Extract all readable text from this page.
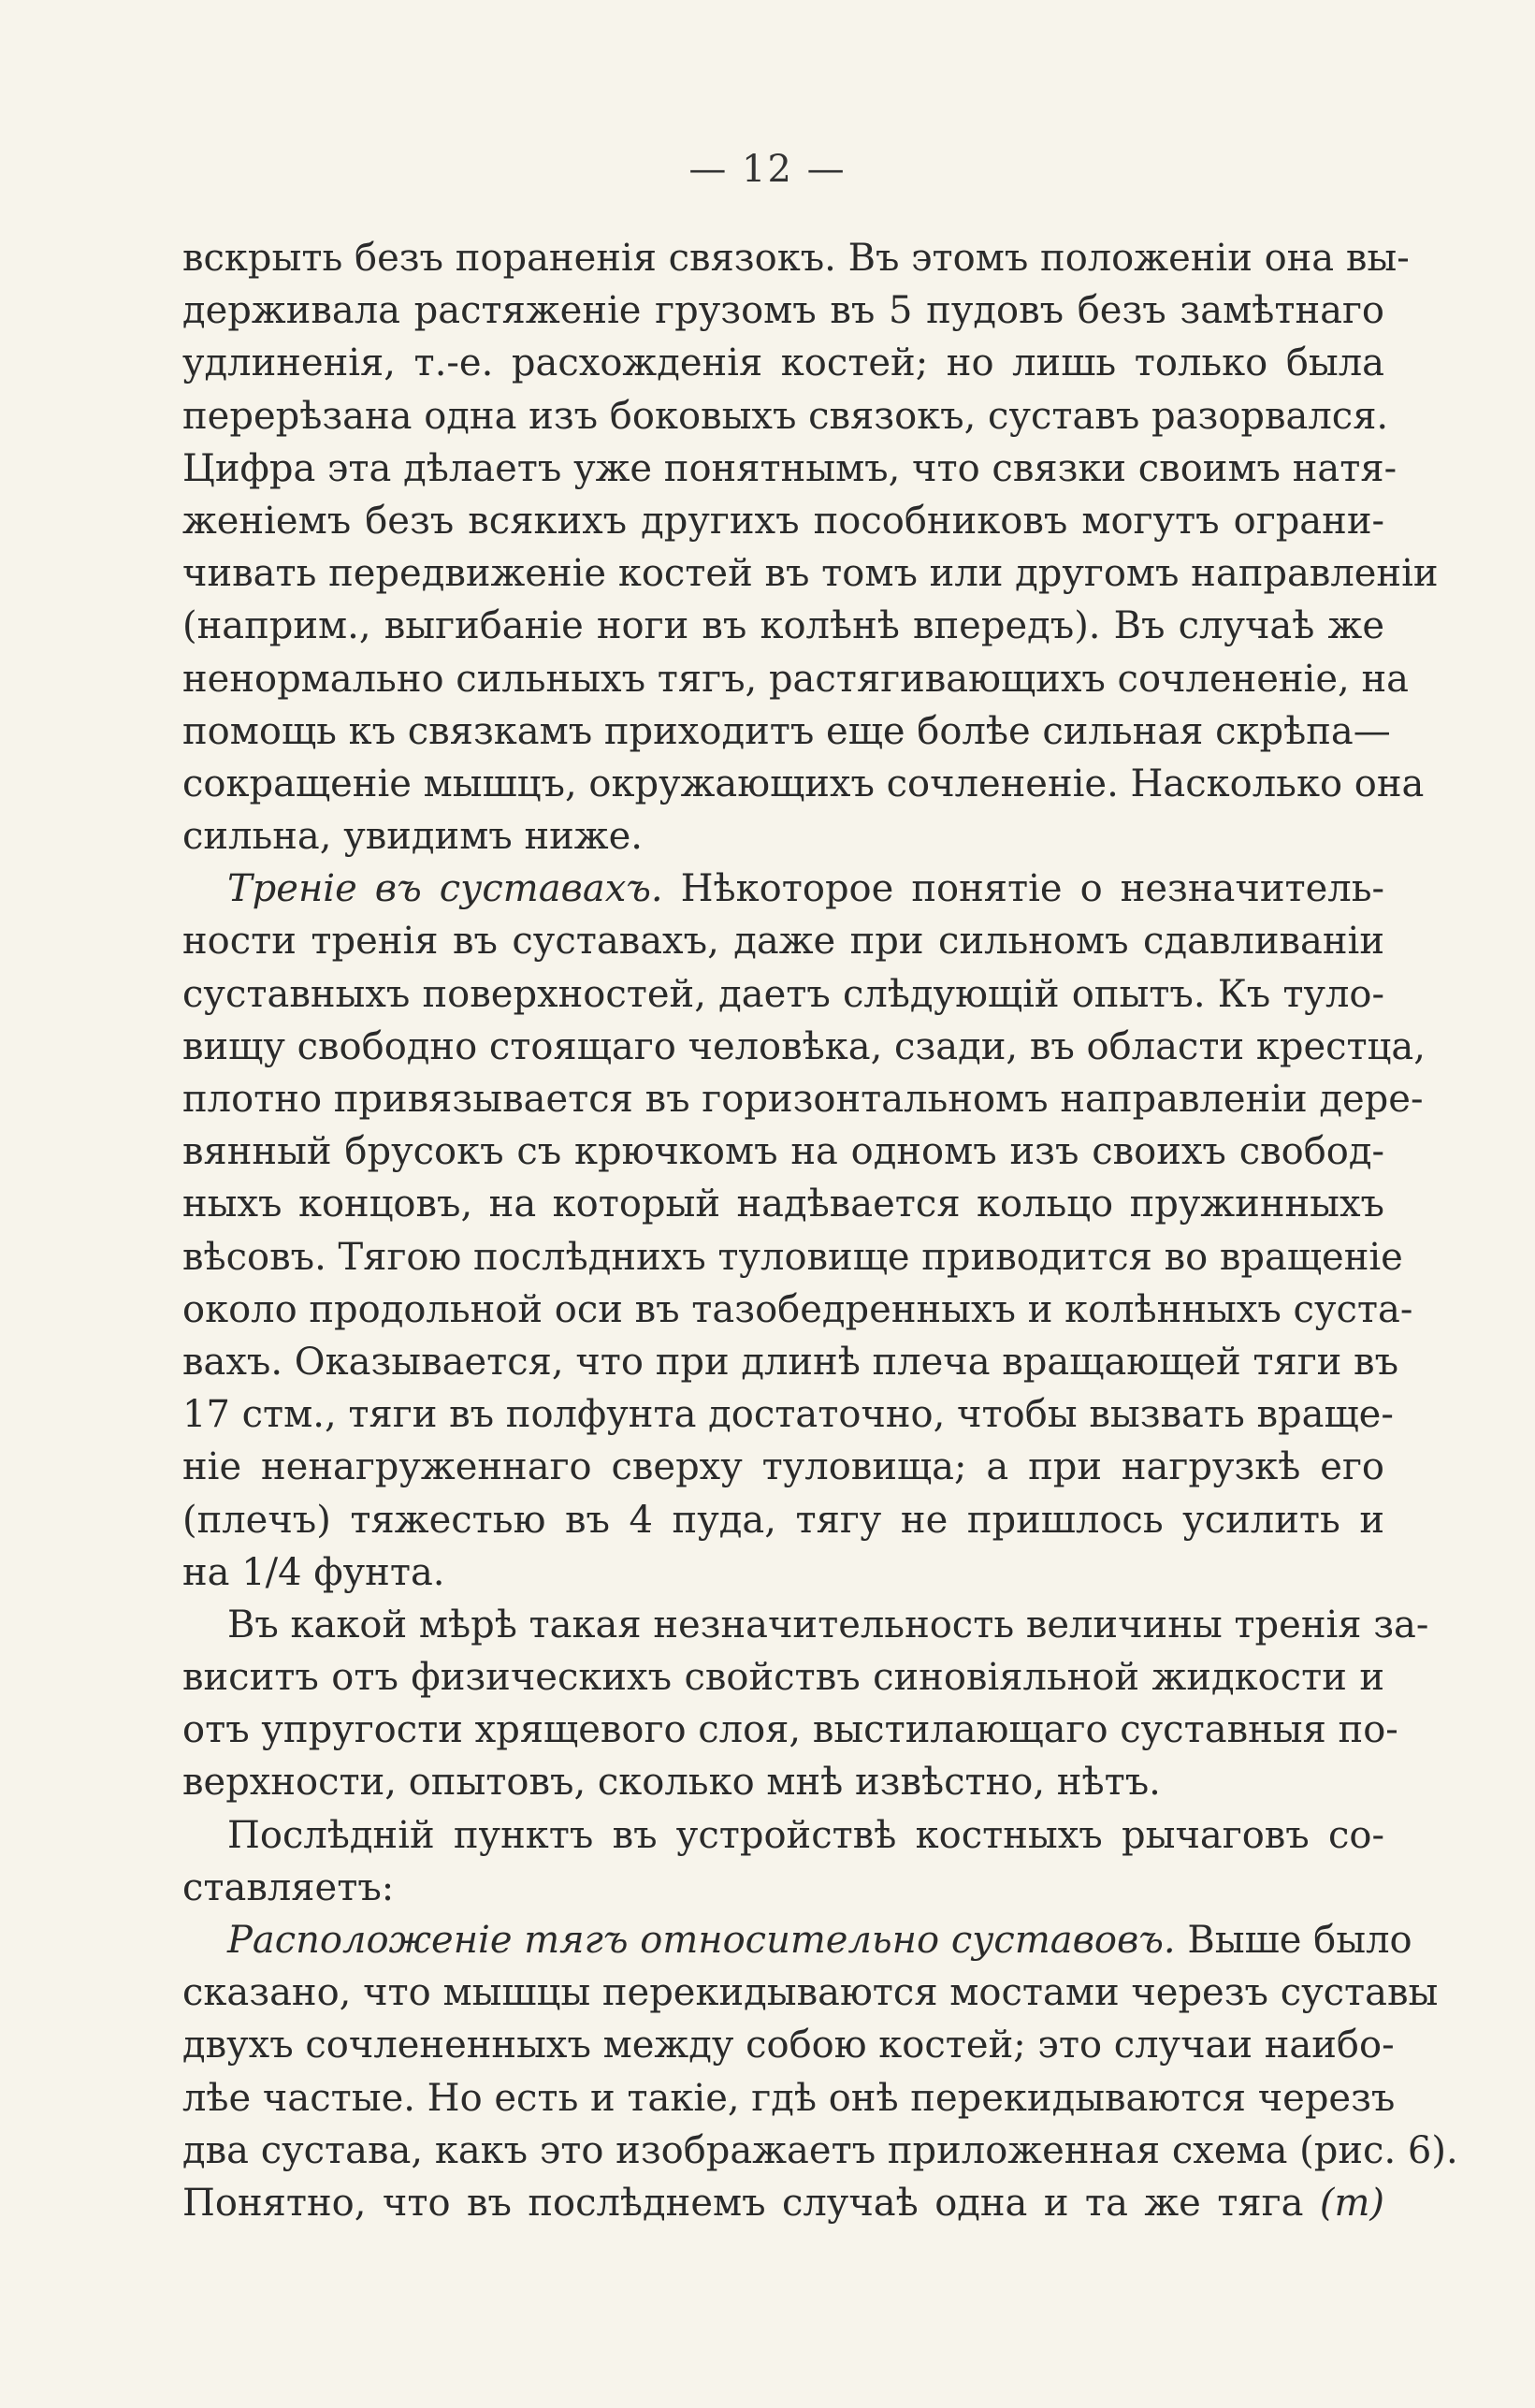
— 12 —
вскрыть безъ пораненія связокъ. Въ этомъ положеніи она вы-
держивала растяженіе грузомъ въ 5 пудовъ безъ замѣтнаго
удлиненія, т.-е. расхожденія костей; но лишь только была
перерѣзана одна изъ боковыхъ связокъ, суставъ разорвался.
Цифра эта дѣлаетъ уже понятнымъ, что связки своимъ натя-
женіемъ безъ всякихъ другихъ пособниковъ могутъ ограни-
чивать передвиженіе костей въ томъ или другомъ направленіи
(наприм., выгибаніе ноги въ колѣнѣ впередъ). Въ случаѣ же
ненормально сильныхъ тягъ, растягивающихъ сочлененіе, на
помощь къ связкамъ приходитъ еще болѣе сильная скрѣпа—
сокращеніе мышцъ, окружающихъ сочлененіе. Насколько она
сильна, увидимъ ниже.
Треніе въ суставахъ. Нѣкоторое понятіе о незначитель-
ности тренія въ суставахъ, даже при сильномъ сдавливаніи
суставныхъ поверхностей, даетъ слѣдующій опытъ. Къ туло-
вищу свободно стоящаго человѣка, сзади, въ области крестца,
плотно привязывается въ горизонтальномъ направленіи дере-
вянный брусокъ съ крючкомъ на одномъ изъ своихъ свобод-
ныхъ концовъ, на который надѣвается кольцо пружинныхъ
вѣсовъ. Тягою послѣднихъ туловище приводится во вращеніе
около продольной оси въ тазобедренныхъ и колѣнныхъ суста-
вахъ. Оказывается, что при длинѣ плеча вращающей тяги въ
17 стм., тяги въ полфунта достаточно, чтобы вызвать враще-
ніе ненагруженнаго сверху туловища; а при нагрузкѣ его
(плечъ) тяжестью въ 4 пуда, тягу не пришлось усилить и
на 1/4 фунта.
Въ какой мѣрѣ такая незначительность величины тренія за-
виситъ отъ физическихъ свойствъ синовіяльной жидкости и
отъ упругости хрящевого слоя, выстилающаго суставныя по-
верхности, опытовъ, сколько мнѣ извѣстно, нѣтъ.
Послѣдній пунктъ въ устройствѣ костныхъ рычаговъ со-
ставляетъ:
Расположеніе тягъ относительно суставовъ. Выше было
сказано, что мышцы перекидываются мостами черезъ суставы
двухъ сочлененныхъ между собою костей; это случаи наибо-
лѣе частые. Но есть и такіе, гдѣ онѣ перекидываются черезъ
два сустава, какъ это изображаетъ приложенная схема (рис. 6).
Понятно, что въ послѣднемъ случаѣ одна и та же тяга (m)
